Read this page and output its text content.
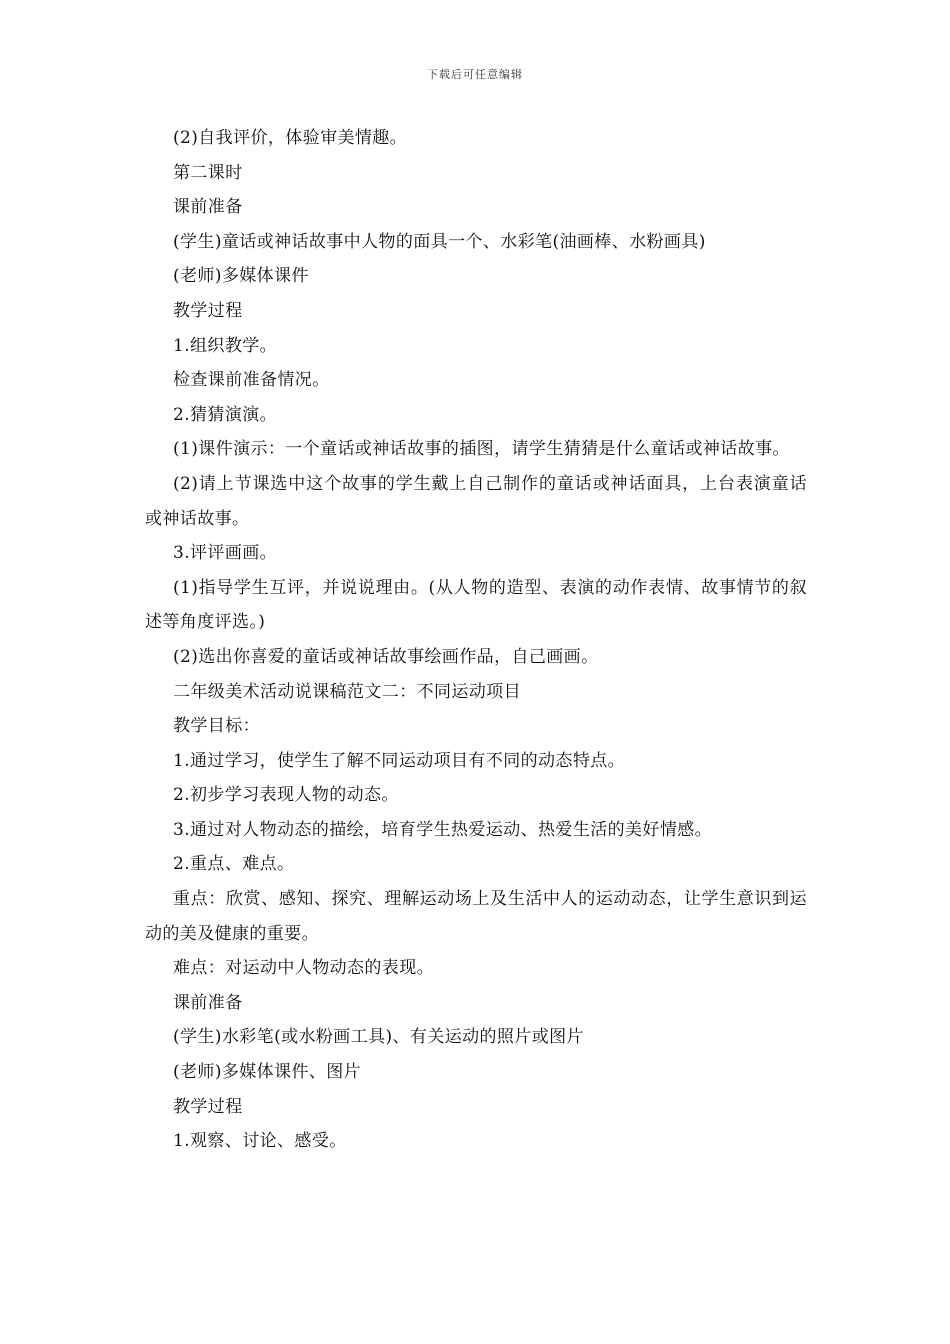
下载后可任意编辑

(2)自我评价，体验审美情趣。

第二课时

课前准备

(学生)童话或神话故事中人物的面具一个、水彩笔(油画棒、水粉画具)

(老师)多媒体课件

教学过程

1.组织教学。

检查课前准备情况。

2.猜猜演演。

(1)课件演示：一个童话或神话故事的插图，请学生猜猜是什么童话或神话故事。

(2)请上节课选中这个故事的学生戴上自己制作的童话或神话面具，上台表演童话或神话故事。

3.评评画画。

(1)指导学生互评，并说说理由。(从人物的造型、表演的动作表情、故事情节的叙述等角度评选。)

(2)选出你喜爱的童话或神话故事绘画作品，自己画画。

二年级美术活动说课稿范文二：不同运动项目

教学目标：

1.通过学习，使学生了解不同运动项目有不同的动态特点。

2.初步学习表现人物的动态。

3.通过对人物动态的描绘，培育学生热爱运动、热爱生活的美好情感。

2.重点、难点。

重点：欣赏、感知、探究、理解运动场上及生活中人的运动动态，让学生意识到运动的美及健康的重要。

难点：对运动中人物动态的表现。

课前准备

(学生)水彩笔(或水粉画工具)、有关运动的照片或图片

(老师)多媒体课件、图片

教学过程

1.观察、讨论、感受。
